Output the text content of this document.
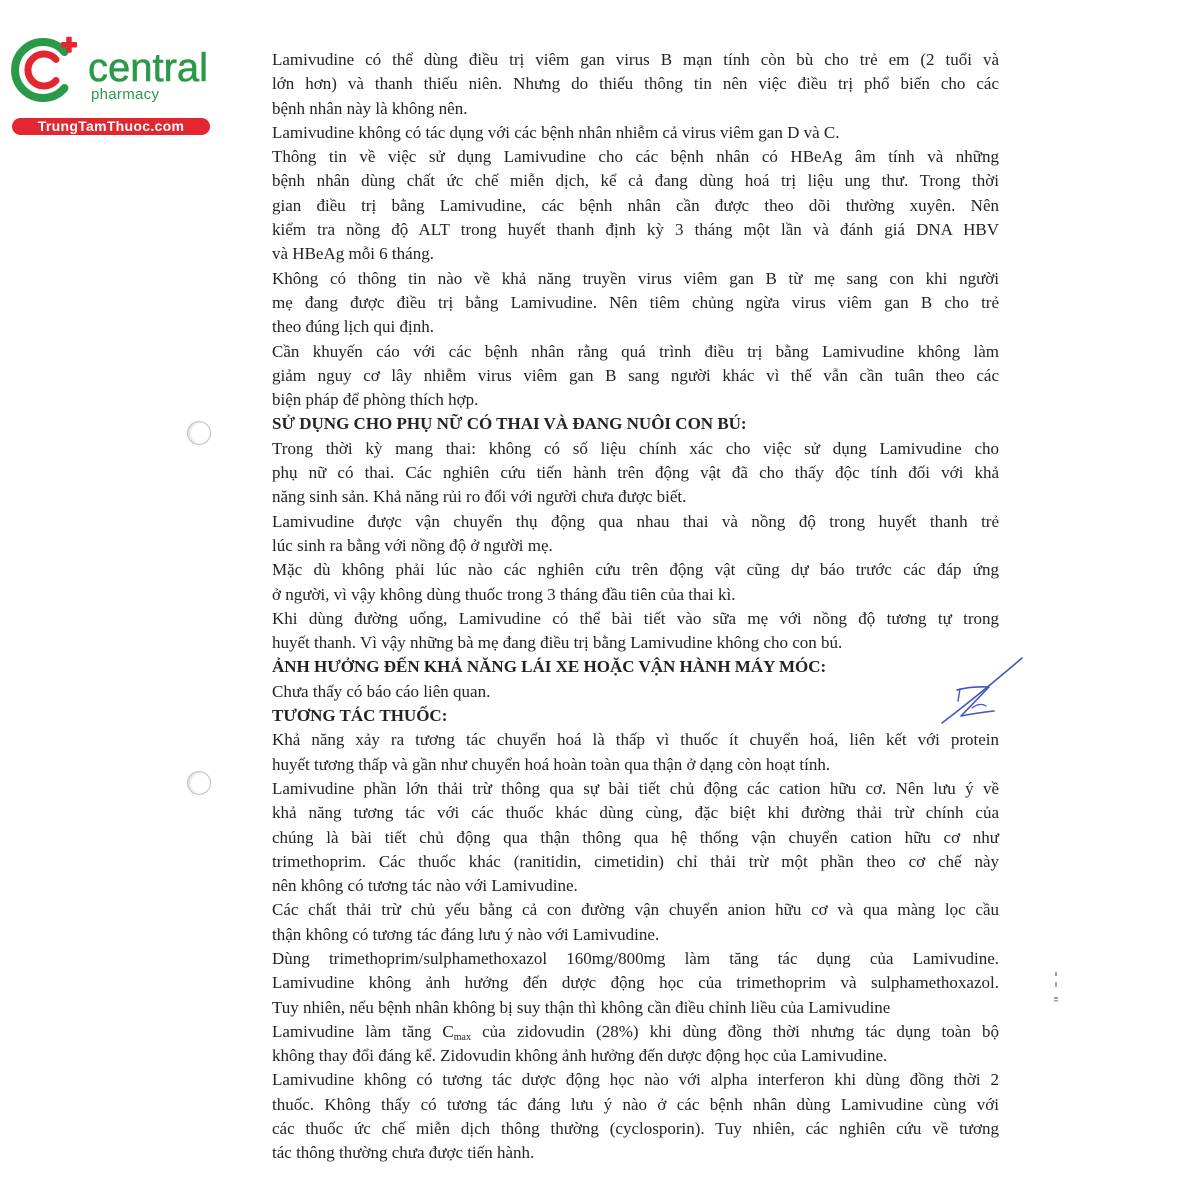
central
pharmacy
TrungTamThuoc.com
Lamivudine có thể dùng điều trị viêm gan virus B mạn tính còn bù cho trẻ em (2 tuổi và
lớn hơn) và thanh thiếu niên. Nhưng do thiếu thông tin nên việc điều trị phổ biến cho các
bệnh nhân này là không nên.
Lamivudine không có tác dụng với các bệnh nhân nhiễm cả virus viêm gan D và C.
Thông tin về việc sử dụng Lamivudine cho các bệnh nhân có HBeAg âm tính và những
bệnh nhân dùng chất ức chế miễn dịch, kể cả đang dùng hoá trị liệu ung thư. Trong thời
gian điều trị bằng Lamivudine, các bệnh nhân cần được theo dõi thường xuyên. Nên
kiểm tra nồng độ ALT trong huyết thanh định kỳ 3 tháng một lần và đánh giá DNA HBV
và HBeAg mỗi 6 tháng.
Không có thông tin nào về khả năng truyền virus viêm gan B từ mẹ sang con khi người
mẹ đang được điều trị bằng Lamivudine. Nên tiêm chủng ngừa virus viêm gan B cho trẻ
theo đúng lịch qui định.
Cần khuyến cáo với các bệnh nhân rằng quá trình điều trị bằng Lamivudine không làm
giảm nguy cơ lây nhiễm virus viêm gan B sang người khác vì thế vẫn cần tuân theo các
biện pháp để phòng thích hợp.
SỬ DỤNG CHO PHỤ NỮ CÓ THAI VÀ ĐANG NUÔI CON BÚ:
Trong thời kỳ mang thai: không có số liệu chính xác cho việc sử dụng Lamivudine cho
phụ nữ có thai. Các nghiên cứu tiến hành trên động vật đã cho thấy độc tính đối với khả
năng sinh sản. Khả năng rủi ro đối với người chưa được biết.
Lamivudine được vận chuyển thụ động qua nhau thai và nồng độ trong huyết thanh trẻ
lúc sinh ra bằng với nồng độ ở người mẹ.
Mặc dù không phải lúc nào các nghiên cứu trên động vật cũng dự báo trước các đáp ứng
ở người, vì vậy không dùng thuốc trong 3 tháng đầu tiên của thai kì.
Khi dùng đường uống, Lamivudine có thể bài tiết vào sữa mẹ với nồng độ tương tự trong
huyết thanh. Vì vậy những bà mẹ đang điều trị bằng Lamivudine không cho con bú.
ẢNH HƯỞNG ĐẾN KHẢ NĂNG LÁI XE HOẶC VẬN HÀNH MÁY MÓC:
Chưa thấy có báo cáo liên quan.
TƯƠNG TÁC THUỐC:
Khả năng xảy ra tương tác chuyển hoá là thấp vì thuốc ít chuyển hoá, liên kết với protein
huyết tương thấp và gần như chuyển hoá hoàn toàn qua thận ở dạng còn hoạt tính.
Lamivudine phần lớn thải trừ thông qua sự bài tiết chủ động các cation hữu cơ. Nên lưu ý về
khả năng tương tác với các thuốc khác dùng cùng, đặc biệt khi đường thải trừ chính của
chúng là bài tiết chủ động qua thận thông qua hệ thống vận chuyển cation hữu cơ như
trimethoprim. Các thuốc khác (ranitidin, cimetidin) chỉ thải trừ một phần theo cơ chế này
nên không có tương tác nào với Lamivudine.
Các chất thải trừ chủ yếu bằng cả con đường vận chuyển anion hữu cơ và qua màng lọc cầu
thận không có tương tác đáng lưu ý nào với Lamivudine.
Dùng trimethoprim/sulphamethoxazol 160mg/800mg làm tăng tác dụng của Lamivudine.
Lamivudine không ảnh hưởng đến dược động học của trimethoprim và sulphamethoxazol.
Tuy nhiên, nếu bệnh nhân không bị suy thận thì không cần điều chỉnh liều của Lamivudine
Lamivudine làm tăng $C_{max}$ của zidovudin (28%) khi dùng đồng thời nhưng tác dụng toàn bộ
không thay đổi đáng kể. Zidovudin không ảnh hưởng đến dược động học của Lamivudine.
Lamivudine không có tương tác dược động học nào với alpha interferon khi dùng đồng thời 2
thuốc. Không thấy có tương tác đáng lưu ý nào ở các bệnh nhân dùng Lamivudine cùng với
các thuốc ức chế miễn dịch thông thường (cyclosporin). Tuy nhiên, các nghiên cứu về tương
tác thông thường chưa được tiến hành.
